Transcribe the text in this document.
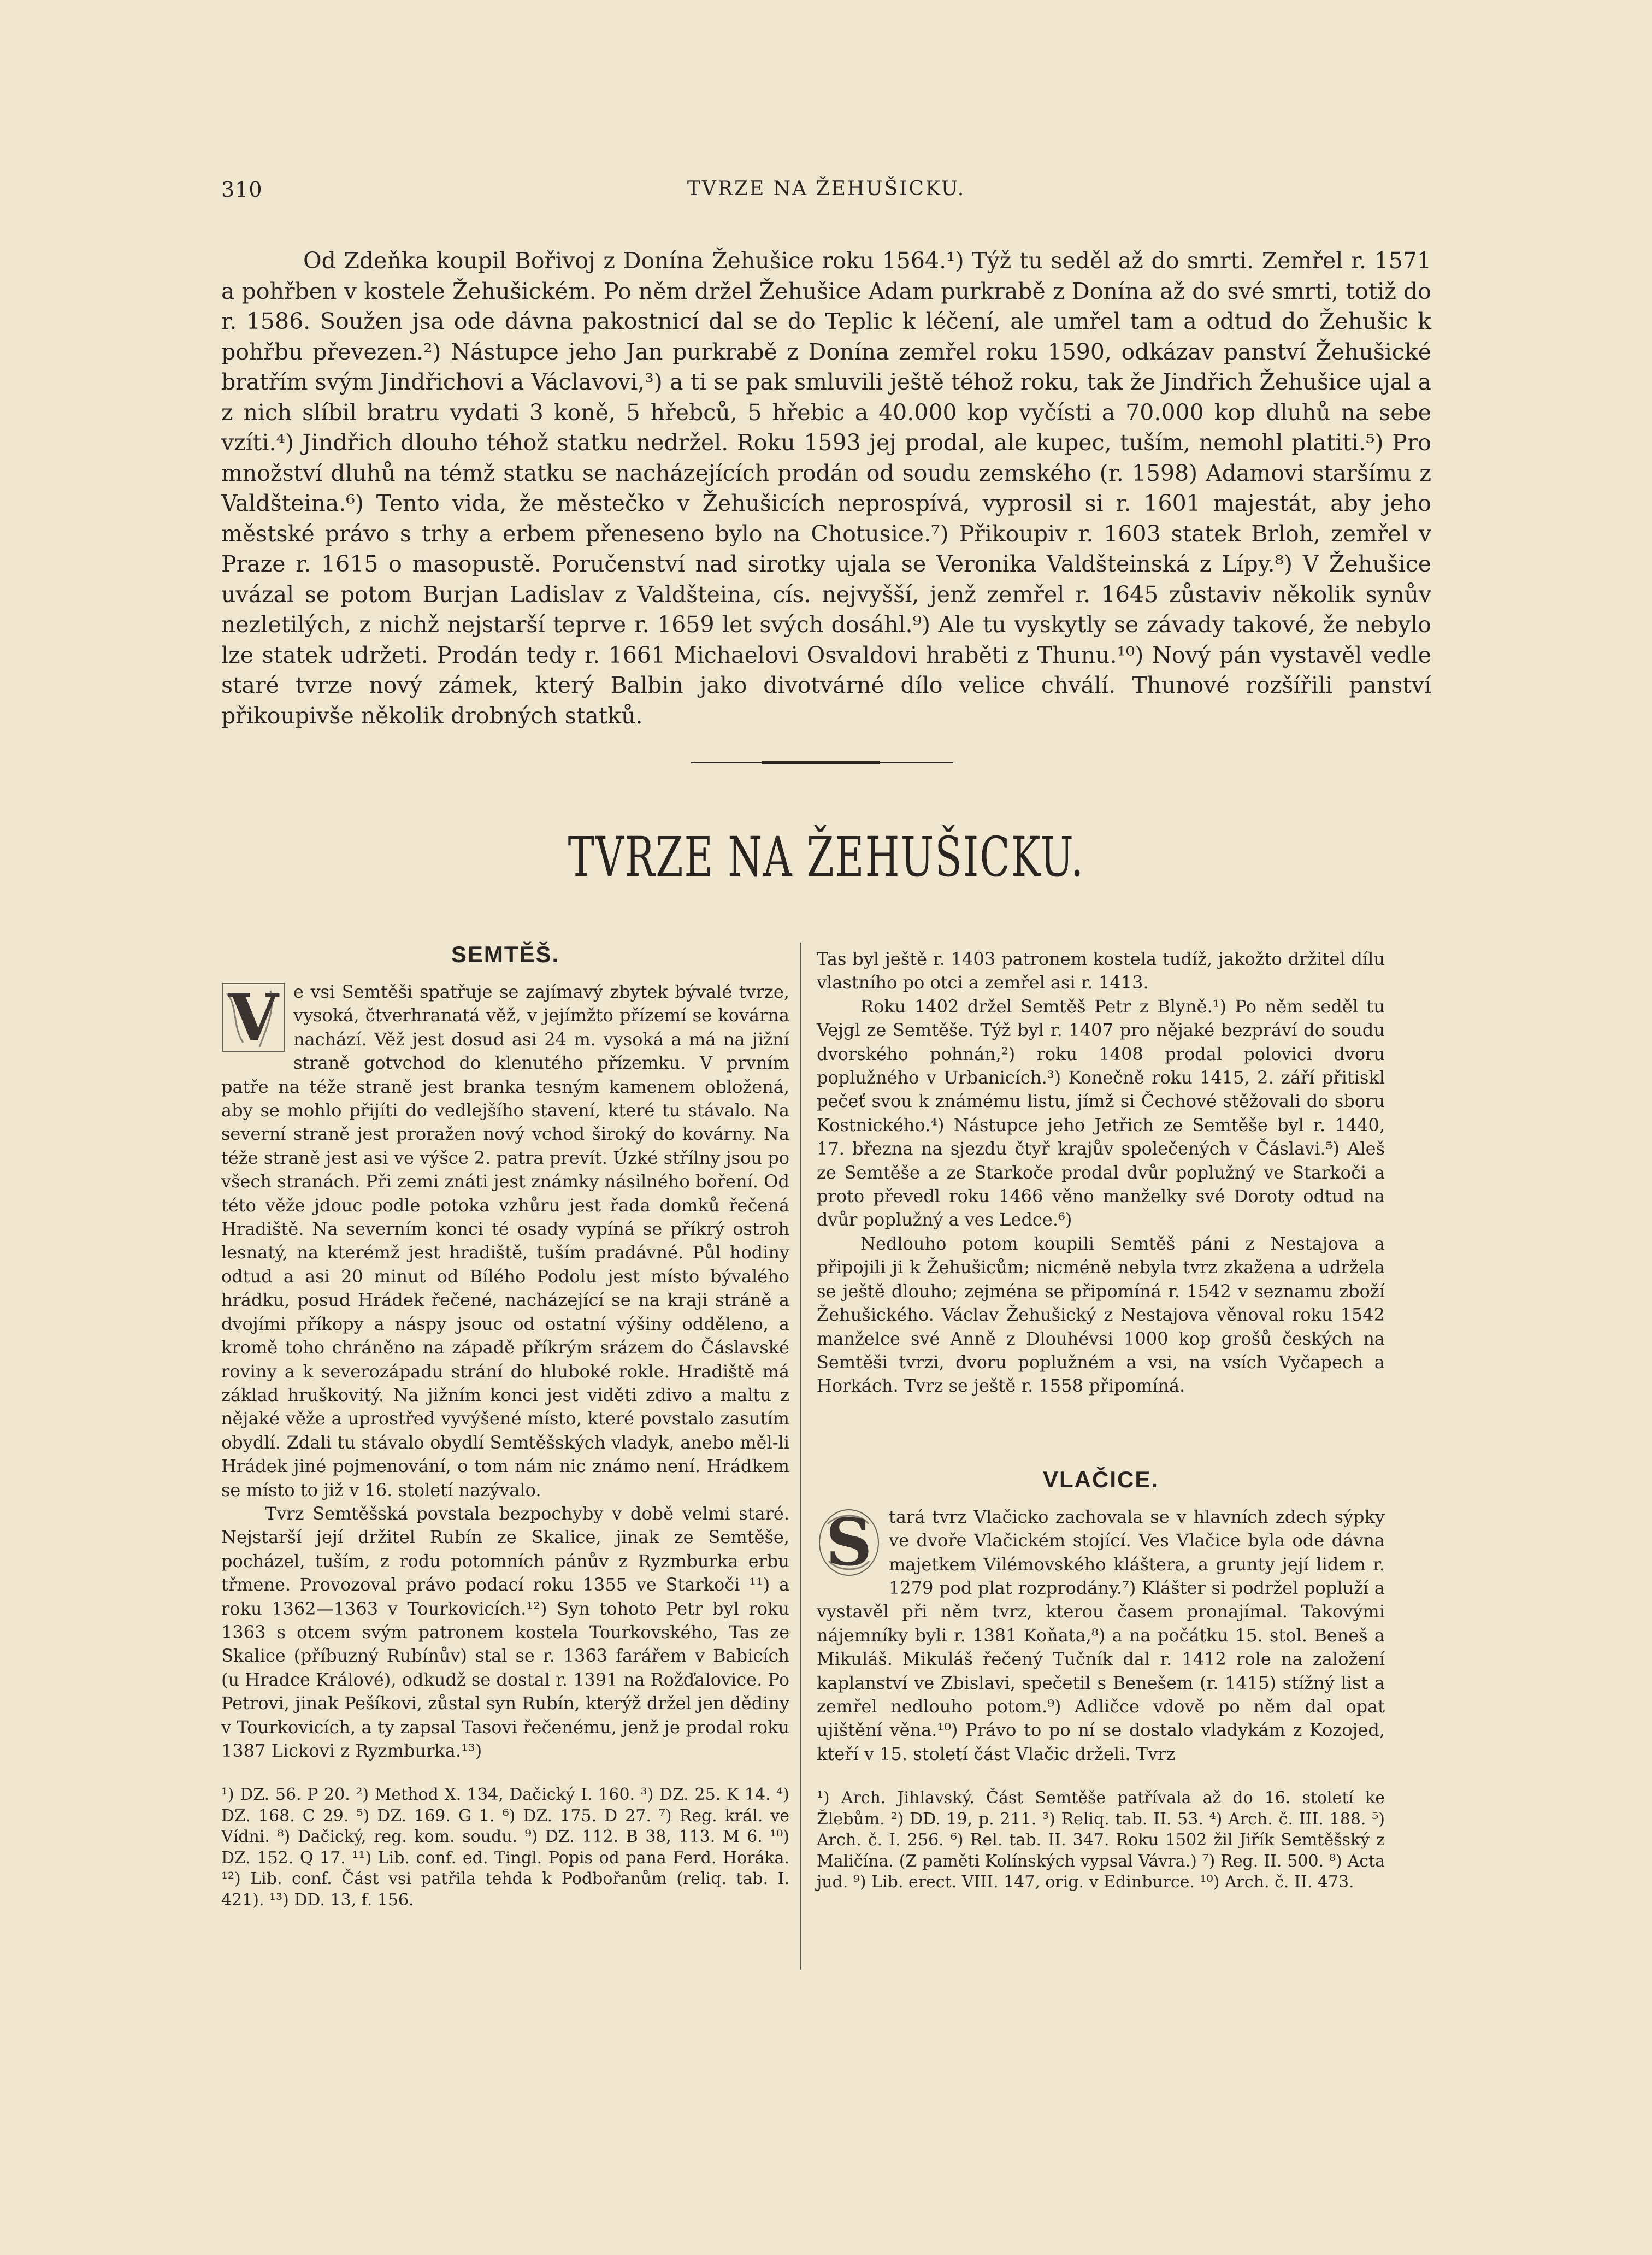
310	TVRZE NA ŽEHUŠICKU.

Od Zdeňka koupil Bořivoj z Donína Žehušice roku 1564.¹) Týž tu seděl až do smrti. Zemřel r. 1571 a pohřben v kostele Žehušickém. Po něm držel Žehušice Adam purkrabě z Donína až do své smrti, totiž do r. 1586. Soužen jsa ode dávna pakostnicí dal se do Teplic k léčení, ale umřel tam a odtud do Žehušic k pohřbu převezen.²) Nástupce jeho Jan purkrabě z Donína zemřel roku 1590, odkázav panství Žehušické bratřím svým Jindřichovi a Václavovi,³) a ti se pak smluvili ještě téhož roku, tak že Jindřich Žehušice ujal a z nich slíbil bratru vydati 3 koně, 5 hřebců, 5 hřebic a 40.000 kop vyčísti a 70.000 kop dluhů na sebe vzíti.⁴) Jindřich dlouho téhož statku nedržel. Roku 1593 jej prodal, ale kupec, tuším, nemohl platiti.⁵) Pro množství dluhů na témž statku se nacházejících prodán od soudu zemského (r. 1598) Adamovi staršímu z Valdšteina.⁶) Tento vida, že městečko v Žehušicích neprospívá, vyprosil si r. 1601 majestát, aby jeho městské právo s trhy a erbem přeneseno bylo na Chotusice.⁷) Přikoupiv r. 1603 statek Brloh, zemřel v Praze r. 1615 o masopustě. Poručenství nad sirotky ujala se Veronika Valdšteinská z Lípy.⁸) V Žehušice uvázal se potom Burjan Ladislav z Valdšteina, cís. nejvyšší, jenž zemřel r. 1645 zůstaviv několik synův nezletilých, z nichž nejstarší teprve r. 1659 let svých dosáhl.⁹) Ale tu vyskytly se závady takové, že nebylo lze statek udržeti. Prodán tedy r. 1661 Michaelovi Osvaldovi hraběti z Thunu.¹⁰) Nový pán vystavěl vedle staré tvrze nový zámek, který Balbin jako divotvárné dílo velice chválí. Thunové rozšířili panství přikoupivše několik drobných statků.

TVRZE NA ŽEHUŠICKU.
SEMTĚŠ.

V e vsi Semtěši spatřuje se zajímavý zbytek bývalé tvrze, vysoká, čtverhranatá věž, v jejímžto přízemí se kovárna nachází. Věž jest dosud asi 24 m. vysoká a má na jižní straně gotvchod do klenutého přízemku. V prvním patře na téže straně jest branka tesným kamenem obložená, aby se mohlo přijíti do vedlejšího stavení, které tu stávalo. Na severní straně jest proražen nový vchod široký do kovárny. Na téže straně jest asi ve výšce 2. patra prevít. Úzké střílny jsou po všech stranách. Při zemi znáti jest známky násilného boření. Od této věže jdouc podle potoka vzhůru jest řada domků řečená Hradiště. Na severním konci té osady vypíná se příkrý ostroh lesnatý, na kterémž jest hradiště, tuším pradávné. Půl hodiny odtud a asi 20 minut od Bílého Podolu jest místo bývalého hrádku, posud Hrádek řečené, nacházející se na kraji stráně a dvojími příkopy a náspy jsouc od ostatní výšiny odděleno, a kromě toho chráněno na západě příkrým srázem do Čáslavské roviny a k severozápadu strání do hluboké rokle. Hradiště má základ hruškovitý. Na jižním konci jest viděti zdivo a maltu z nějaké věže a uprostřed vyvýšené místo, které povstalo zasutím obydlí. Zdali tu stávalo obydlí Semtěšských vladyk, anebo měl-li Hrádek jiné pojmenování, o tom nám nic známo není. Hrádkem se místo to již v 16. století nazývalo.

Tvrz Semtěšská povstala bezpochyby v době velmi staré. Nejstarší její držitel Rubín ze Skalice, jinak ze Semtěše, pocházel, tuším, z rodu potomních pánův z Ryzmburka erbu třmene. Provozoval právo podací roku 1355 ve Starkoči ¹¹) a roku 1362—1363 v Tourkovicích.¹²) Syn tohoto Petr byl roku 1363 s otcem svým patronem kostela Tourkovského, Tas ze Skalice (příbuzný Rubínův) stal se r. 1363 farářem v Babicích (u Hradce Králové), odkudž se dostal r. 1391 na Rožďalovice. Po Petrovi, jinak Pešíkovi, zůstal syn Rubín, kterýž držel jen dědiny v Tourkovicích, a ty zapsal Tasovi řečenému, jenž je prodal roku 1387 Lickovi z Ryzmburka.¹³)

¹) DZ. 56. P 20. ²) Method X. 134, Dačický I. 160. ³) DZ. 25. K 14. ⁴) DZ. 168. C 29. ⁵) DZ. 169. G 1. ⁶) DZ. 175. D 27. ⁷) Reg. král. ve Vídni. ⁸) Dačický, reg. kom. soudu. ⁹) DZ. 112. B 38, 113. M 6. ¹⁰) DZ. 152. Q 17. ¹¹) Lib. conf. ed. Tingl. Popis od pana Ferd. Horáka. ¹²) Lib. conf. Část vsi patřila tehda k Podbořanům (reliq. tab. I. 421). ¹³) DD. 13, f. 156.

Tas byl ještě r. 1403 patronem kostela tudíž, jakožto držitel dílu vlastního po otci a zemřel asi r. 1413.

Roku 1402 držel Semtěš Petr z Blyně.¹) Po něm seděl tu Vejgl ze Semtěše. Týž byl r. 1407 pro nějaké bezpráví do soudu dvorského pohnán,²) roku 1408 prodal polovici dvoru poplužného v Urbanicích.³) Konečně roku 1415, 2. září přitiskl pečeť svou k známému listu, jímž si Čechové stěžovali do sboru Kostnického.⁴) Nástupce jeho Jetřich ze Semtěše byl r. 1440, 17. března na sjezdu čtyř krajův společených v Čáslavi.⁵) Aleš ze Semtěše a ze Starkoče prodal dvůr poplužný ve Starkoči a proto převedl roku 1466 věno manželky své Doroty odtud na dvůr poplužný a ves Ledce.⁶)

Nedlouho potom koupili Semtěš páni z Nestajova a připojili ji k Žehušicům; nicméně nebyla tvrz zkažena a udržela se ještě dlouho; zejména se připomíná r. 1542 v seznamu zboží Žehušického. Václav Žehušický z Nestajova věnoval roku 1542 manželce své Anně z Dlouhévsi 1000 kop grošů českých na Semtěši tvrzi, dvoru poplužném a vsi, na vsích Vyčapech a Horkách. Tvrz se ještě r. 1558 připomíná.

VLAČICE.

S tará tvrz Vlačicko zachovala se v hlavních zdech sýpky ve dvoře Vlačickém stojící. Ves Vlačice byla ode dávna majetkem Vilémovského kláštera, a grunty její lidem r. 1279 pod plat rozprodány.⁷) Klášter si podržel popluží a vystavěl při něm tvrz, kterou časem pronajímal. Takovými nájemníky byli r. 1381 Koňata,⁸) a na počátku 15. stol. Beneš a Mikuláš. Mikuláš řečený Tučník dal r. 1412 role na založení kaplanství ve Zbislavi, spečetil s Benešem (r. 1415) stížný list a zemřel nedlouho potom.⁹) Adličce vdově po něm dal opat ujištění věna.¹⁰) Právo to po ní se dostalo vladykám z Kozojed, kteří v 15. století část Vlačic drželi. Tvrz

¹) Arch. Jihlavský. Část Semtěše patřívala až do 16. století ke Žlebům. ²) DD. 19, p. 211. ³) Reliq. tab. II. 53. ⁴) Arch. č. III. 188. ⁵) Arch. č. I. 256. ⁶) Rel. tab. II. 347. Roku 1502 žil Jiřík Semtěšský z Maličína. (Z paměti Kolínských vypsal Vávra.) ⁷) Reg. II. 500. ⁸) Acta jud. ⁹) Lib. erect. VIII. 147, orig. v Edinburce. ¹⁰) Arch. č. II. 473.
